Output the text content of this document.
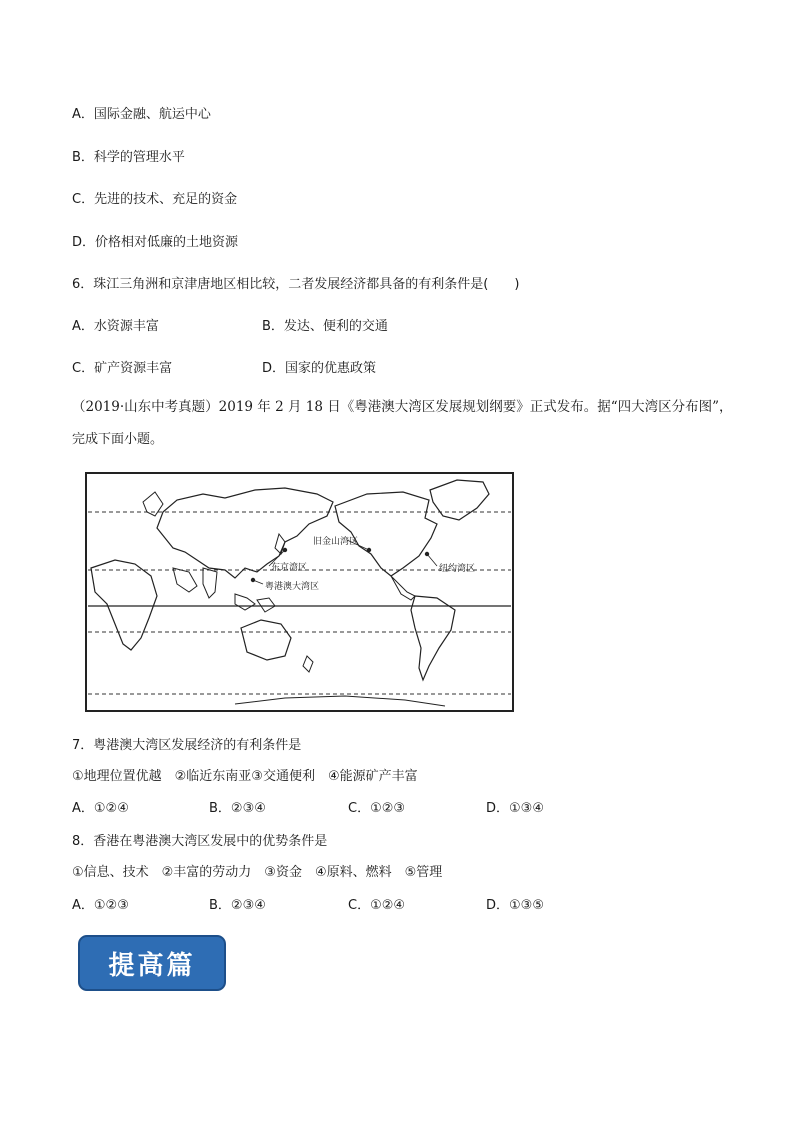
A．国际金融、航运中心
B．科学的管理水平
C．先进的技术、充足的资金
D．价格相对低廉的土地资源
6．珠江三角洲和京津唐地区相比较，二者发展经济都具备的有利条件是(　　)
A．水资源丰富	B．发达、便利的交通
C．矿产资源丰富	D．国家的优惠政策
（2019·山东中考真题）2019 年 2 月 18 日《粤港澳大湾区发展规划纲要》正式发布。据“四大湾区分布图”，
完成下面小题。
旧金山湾区
东京湾区
粤港澳大湾区
纽约湾区
7．粤港澳大湾区发展经济的有利条件是
①地理位置优越　②临近东南亚③交通便利　④能源矿产丰富
A．①②④	B．②③④	C．①②③	D．①③④
8．香港在粤港澳大湾区发展中的优势条件是
①信息、技术　②丰富的劳动力　③资金　④原料、燃料　⑤管理
A．①②③	B．②③④	C．①②④	D．①③⑤
提高篇
